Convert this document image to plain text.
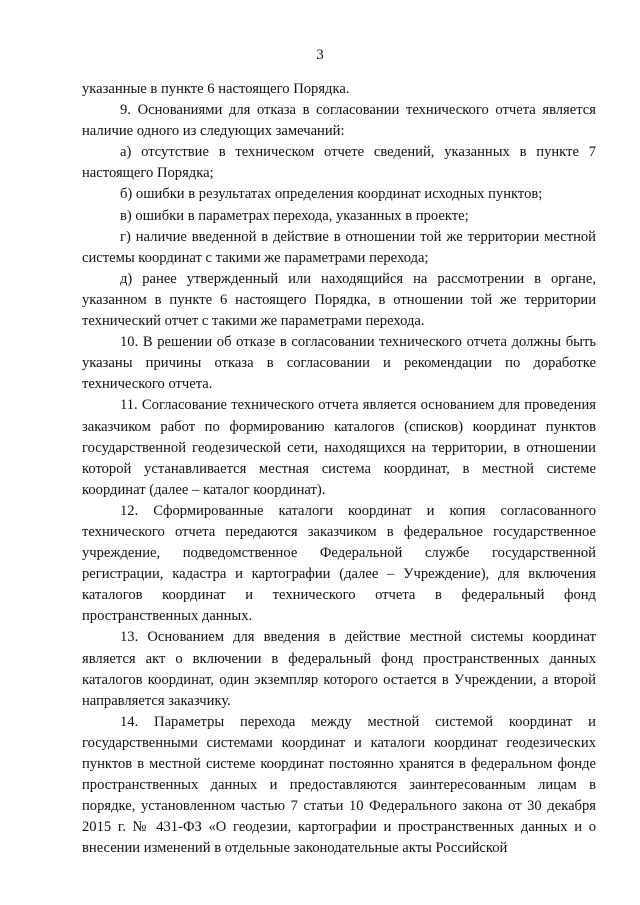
3

указанные в пункте 6 настоящего Порядка.

9. Основаниями для отказа в согласовании технического отчета является наличие одного из следующих замечаний:

а) отсутствие в техническом отчете сведений, указанных в пункте 7 настоящего Порядка;

б) ошибки в результатах определения координат исходных пунктов;

в) ошибки в параметрах перехода, указанных в проекте;

г) наличие введенной в действие в отношении той же территории местной системы координат с такими же параметрами перехода;

д) ранее утвержденный или находящийся на рассмотрении в органе, указанном в пункте 6 настоящего Порядка, в отношении той же территории технический отчет с такими же параметрами перехода.

10. В решении об отказе в согласовании технического отчета должны быть указаны причины отказа в согласовании и рекомендации по доработке технического отчета.

11. Согласование технического отчета является основанием для проведения заказчиком работ по формированию каталогов (списков) координат пунктов государственной геодезической сети, находящихся на территории, в отношении которой устанавливается местная система координат, в местной системе координат (далее – каталог координат).

12. Сформированные каталоги координат и копия согласованного технического отчета передаются заказчиком в федеральное государственное учреждение, подведомственное Федеральной службе государственной регистрации, кадастра и картографии (далее – Учреждение), для включения каталогов координат и технического отчета в федеральный фонд пространственных данных.

13. Основанием для введения в действие местной системы координат является акт о включении в федеральный фонд пространственных данных каталогов координат, один экземпляр которого остается в Учреждении, а второй направляется заказчику.

14. Параметры перехода между местной системой координат и государственными системами координат и каталоги координат геодезических пунктов в местной системе координат постоянно хранятся в федеральном фонде пространственных данных и предоставляются заинтересованным лицам в порядке, установленном частью 7 статьи 10 Федерального закона от 30 декабря 2015 г. № 431-ФЗ «О геодезии, картографии и пространственных данных и о внесении изменений в отдельные законодательные акты Российской
